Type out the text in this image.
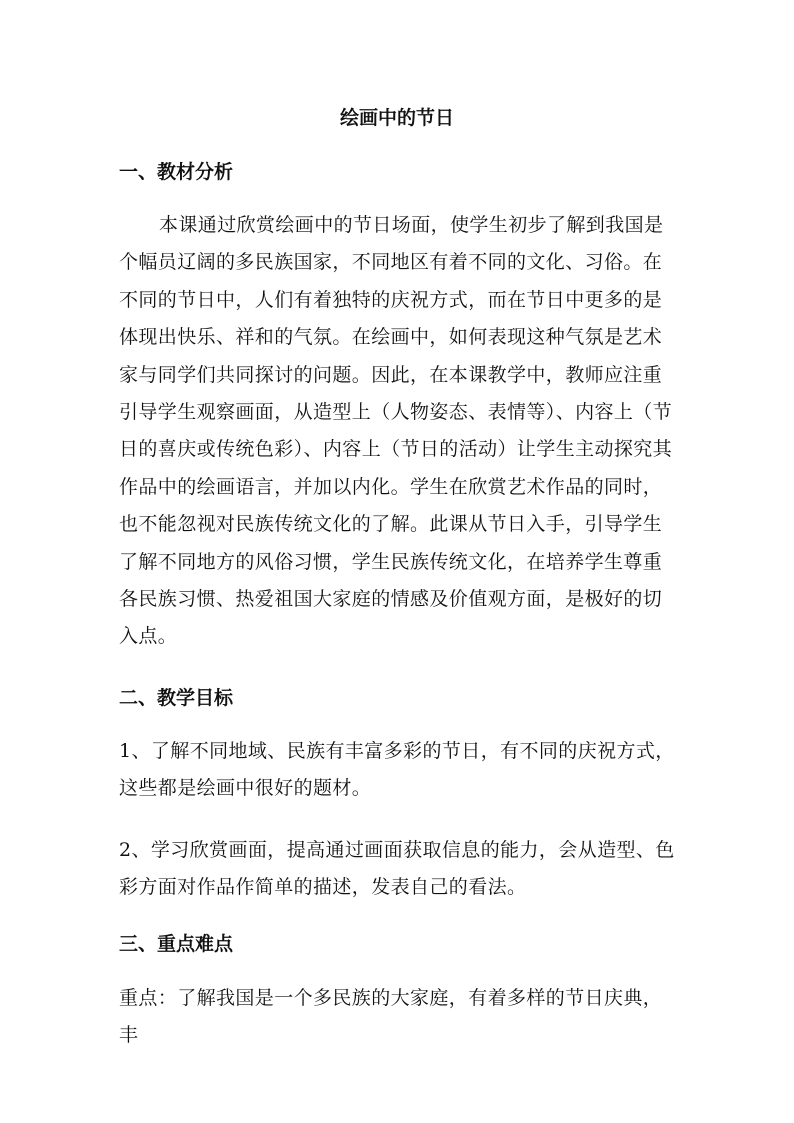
绘画中的节日
一、教材分析
本课通过欣赏绘画中的节日场面，使学生初步了解到我国是个幅员辽阔的多民族国家，不同地区有着不同的文化、习俗。在不同的节日中，人们有着独特的庆祝方式，而在节日中更多的是体现出快乐、祥和的气氛。在绘画中，如何表现这种气氛是艺术家与同学们共同探讨的问题。因此，在本课教学中，教师应注重引导学生观察画面，从造型上（人物姿态、表情等）、内容上（节日的喜庆或传统色彩）、内容上（节日的活动）让学生主动探究其作品中的绘画语言，并加以内化。学生在欣赏艺术作品的同时，也不能忽视对民族传统文化的了解。此课从节日入手，引导学生了解不同地方的风俗习惯，学生民族传统文化，在培养学生尊重各民族习惯、热爱祖国大家庭的情感及价值观方面，是极好的切入点。
二、教学目标
1、了解不同地域、民族有丰富多彩的节日，有不同的庆祝方式，这些都是绘画中很好的题材。
2、学习欣赏画面，提高通过画面获取信息的能力，会从造型、色彩方面对作品作简单的描述，发表自己的看法。
三、重点难点
重点：了解我国是一个多民族的大家庭，有着多样的节日庆典，丰
